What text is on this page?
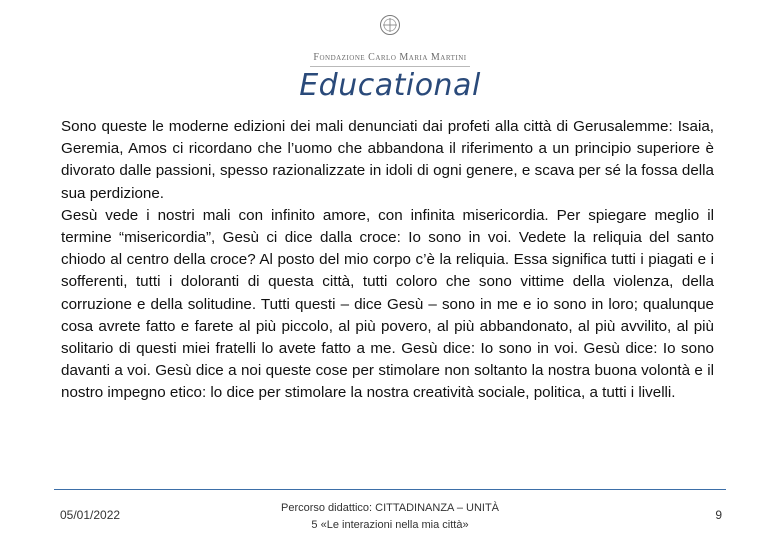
Fondazione Carlo Maria Martini
Educational

Sono queste le moderne edizioni dei mali denunciati dai profeti alla città di Gerusalemme: Isaia, Geremia, Amos ci ricordano che l’uomo che abbandona il riferimento a un principio superiore è divorato dalle passioni, spesso razionalizzate in idoli di ogni genere, e scava per sé la fossa della sua perdizione.

Gesù vede i nostri mali con infinito amore, con infinita misericordia. Per spiegare meglio il termine “misericordia”, Gesù ci dice dalla croce: Io sono in voi. Vedete la reliquia del santo chiodo al centro della croce? Al posto del mio corpo c’è la reliquia. Essa significa tutti i piagati e i sofferenti, tutti i doloranti di questa città, tutti coloro che sono vittime della violenza, della corruzione e della solitudine. Tutti questi – dice Gesù – sono in me e io sono in loro; qualunque cosa avrete fatto e farete al più piccolo, al più povero, al più abbandonato, al più avvilito, al più solitario di questi miei fratelli lo avete fatto a me. Gesù dice: Io sono in voi. Gesù dice: Io sono davanti a voi. Gesù dice a noi queste cose per stimolare non soltanto la nostra buona volontà e il nostro impegno etico: lo dice per stimolare la nostra creatività sociale, politica, a tutti i livelli.

05/01/2022	Percorso didattico: CITTADINANZA – UNITÀ
5 «Le interazioni nella mia città»
9
